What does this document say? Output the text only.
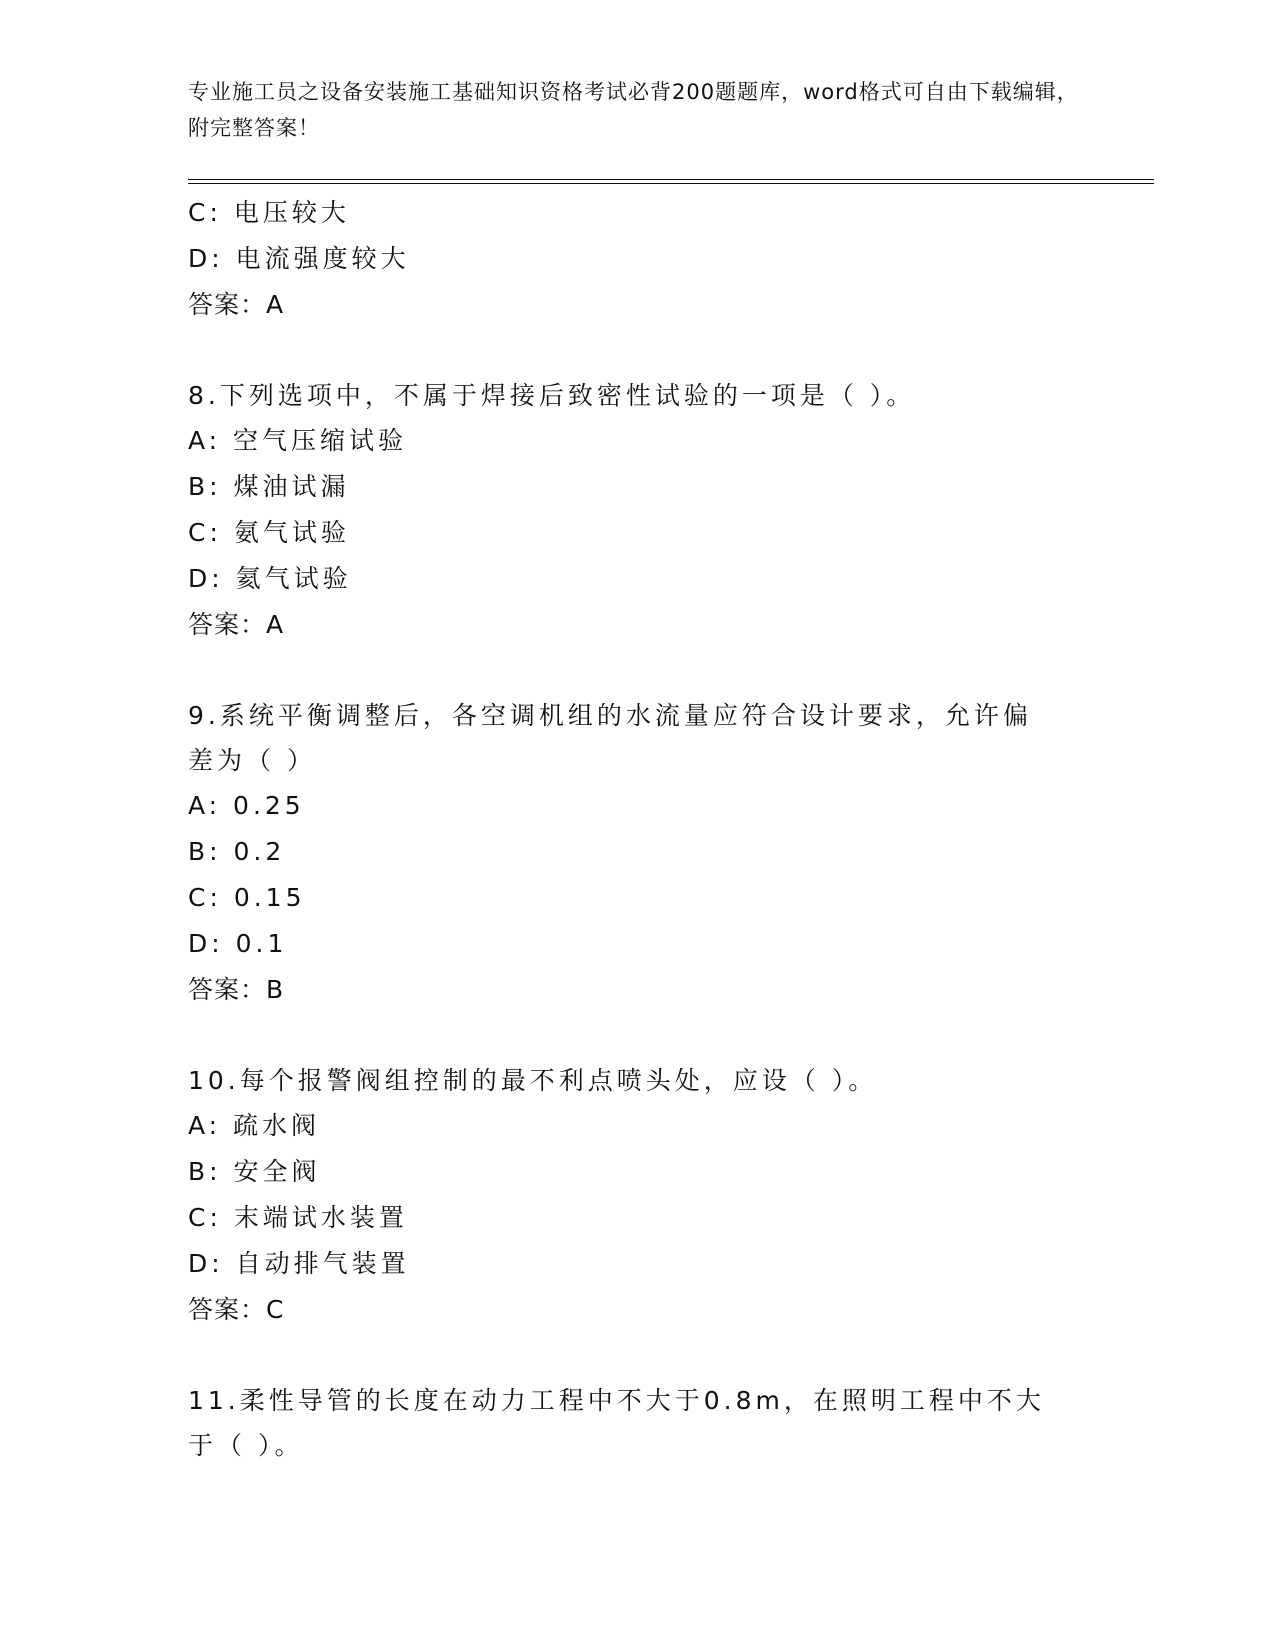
专业施工员之设备安装施工基础知识资格考试必背200题题库，word格式可自由下载编辑，附完整答案！
C: 电压较大
D: 电流强度较大
答案：A
8.下列选项中，不属于焊接后致密性试验的一项是（ ）。
A: 空气压缩试验
B: 煤油试漏
C: 氨气试验
D: 氦气试验
答案：A
9.系统平衡调整后，各空调机组的水流量应符合设计要求，允许偏差为（ ）
A: 0.25
B: 0.2
C: 0.15
D: 0.1
答案：B
10.每个报警阀组控制的最不利点喷头处，应设（ ）。
A: 疏水阀
B: 安全阀
C: 末端试水装置
D: 自动排气装置
答案：C
11.柔性导管的长度在动力工程中不大于0.8m，在照明工程中不大于（ ）。
